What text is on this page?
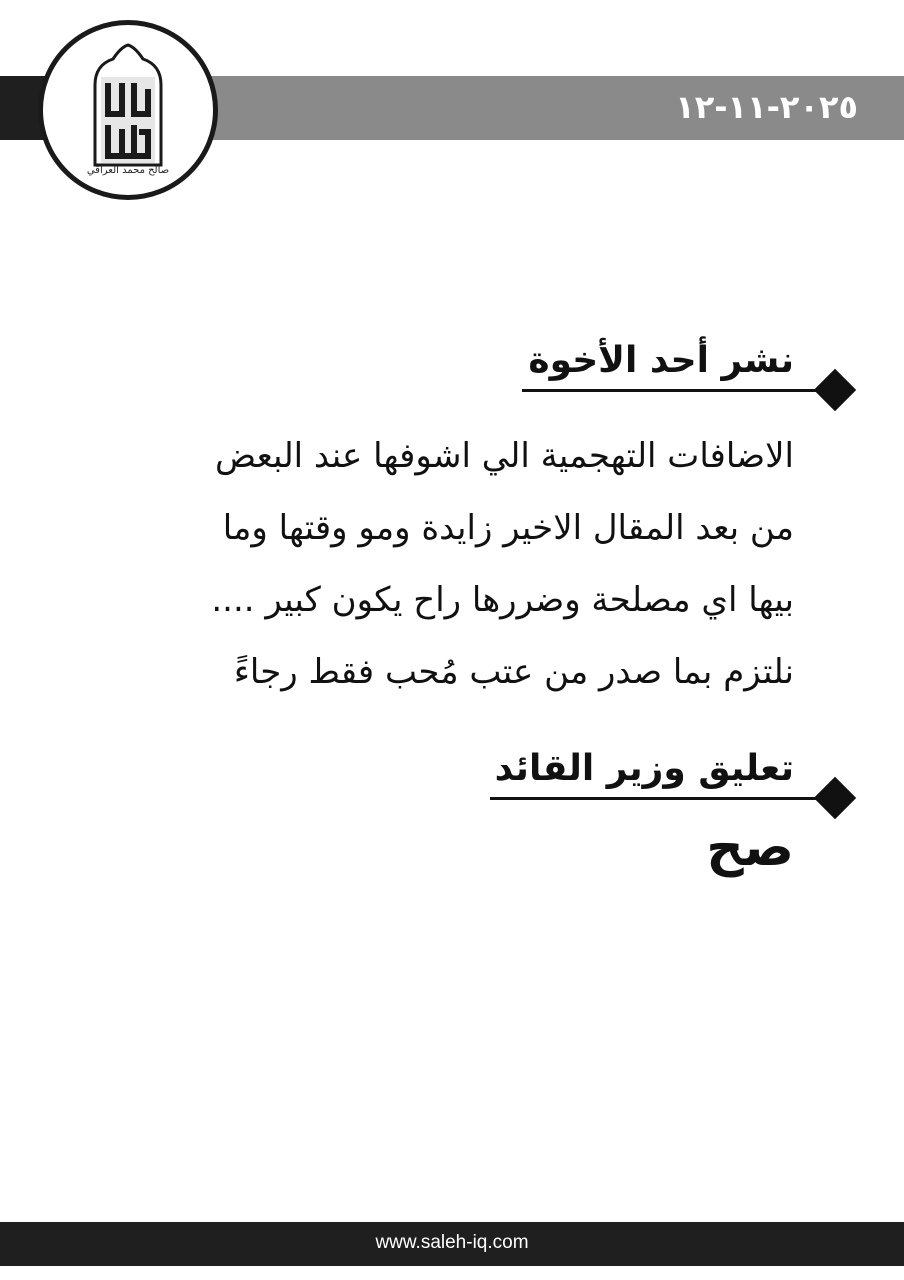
٢٠٢٥-١١-١٢
صالح محمد العراقي
نشر أحد الأخوة
الاضافات التهجمية الي اشوفها عند البعض
من بعد المقال الاخير زايدة ومو وقتها وما
بيها اي مصلحة وضررها راح يكون كبير ....
نلتزم بما صدر من عتب مُحب فقط رجاءً
تعليق وزير القائد
صح
www.saleh-iq.com
